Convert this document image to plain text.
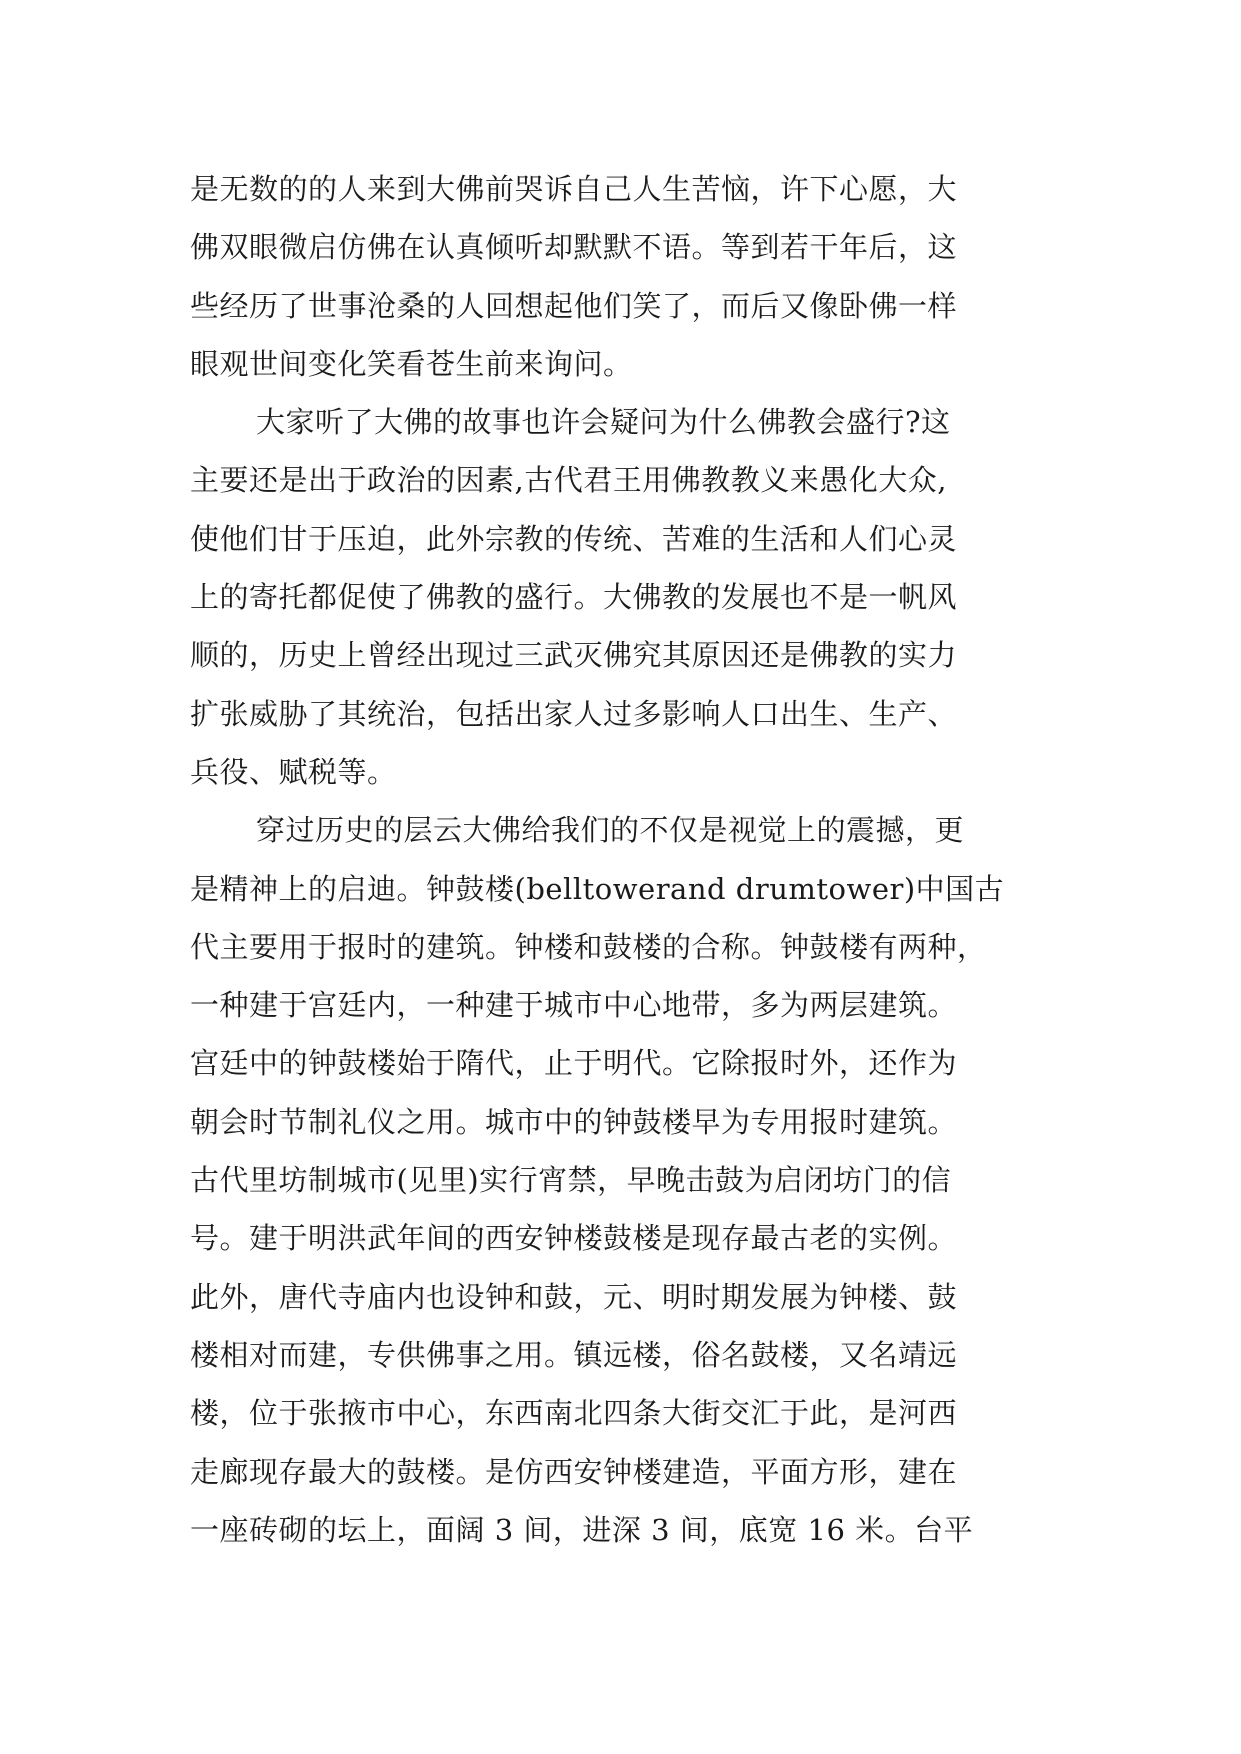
是无数的的人来到大佛前哭诉自己人生苦恼，许下心愿，大
佛双眼微启仿佛在认真倾听却默默不语。等到若干年后，这
些经历了世事沧桑的人回想起他们笑了，而后又像卧佛一样
眼观世间变化笑看苍生前来询问。
大家听了大佛的故事也许会疑问为什么佛教会盛行?这
主要还是出于政治的因素,古代君王用佛教教义来愚化大众,
使他们甘于压迫，此外宗教的传统、苦难的生活和人们心灵
上的寄托都促使了佛教的盛行。大佛教的发展也不是一帆风
顺的，历史上曾经出现过三武灭佛究其原因还是佛教的实力
扩张威胁了其统治，包括出家人过多影响人口出生、生产、
兵役、赋税等。
穿过历史的层云大佛给我们的不仅是视觉上的震撼，更
是精神上的启迪。钟鼓楼(belltowerand drumtower)中国古
代主要用于报时的建筑。钟楼和鼓楼的合称。钟鼓楼有两种，
一种建于宫廷内，一种建于城市中心地带，多为两层建筑。
宫廷中的钟鼓楼始于隋代，止于明代。它除报时外，还作为
朝会时节制礼仪之用。城市中的钟鼓楼早为专用报时建筑。
古代里坊制城市(见里)实行宵禁，早晚击鼓为启闭坊门的信
号。建于明洪武年间的西安钟楼鼓楼是现存最古老的实例。
此外，唐代寺庙内也设钟和鼓，元、明时期发展为钟楼、鼓
楼相对而建，专供佛事之用。镇远楼，俗名鼓楼，又名靖远
楼，位于张掖市中心，东西南北四条大街交汇于此，是河西
走廊现存最大的鼓楼。是仿西安钟楼建造，平面方形，建在
一座砖砌的坛上，面阔 3 间，进深 3 间，底宽 16 米。台平
